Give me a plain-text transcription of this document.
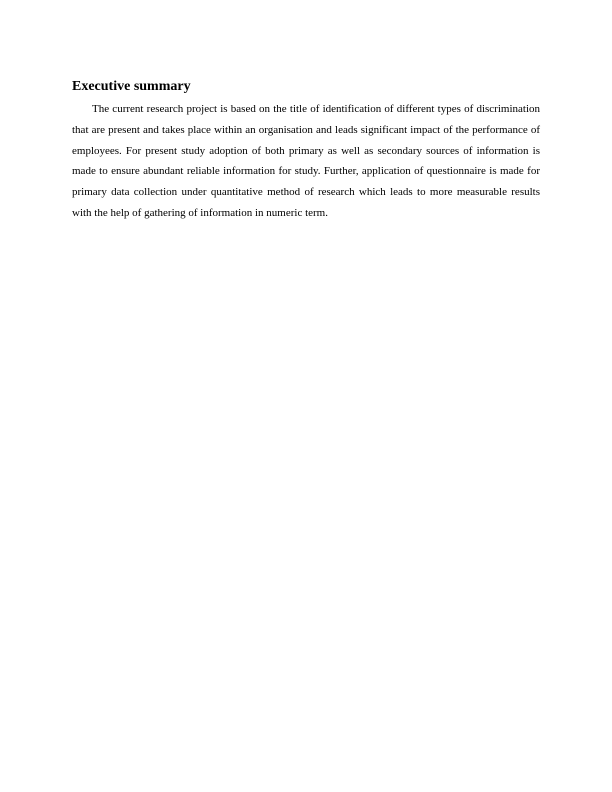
Executive summary

The current research project is based on the title of identification of different types of discrimination that are present and takes place within an organisation and leads significant impact of the performance of employees. For present study adoption of both primary as well as secondary sources of information is made to ensure abundant reliable information for study. Further, application of questionnaire is made for primary data collection under quantitative method of research which leads to more measurable results with the help of gathering of information in numeric term.
